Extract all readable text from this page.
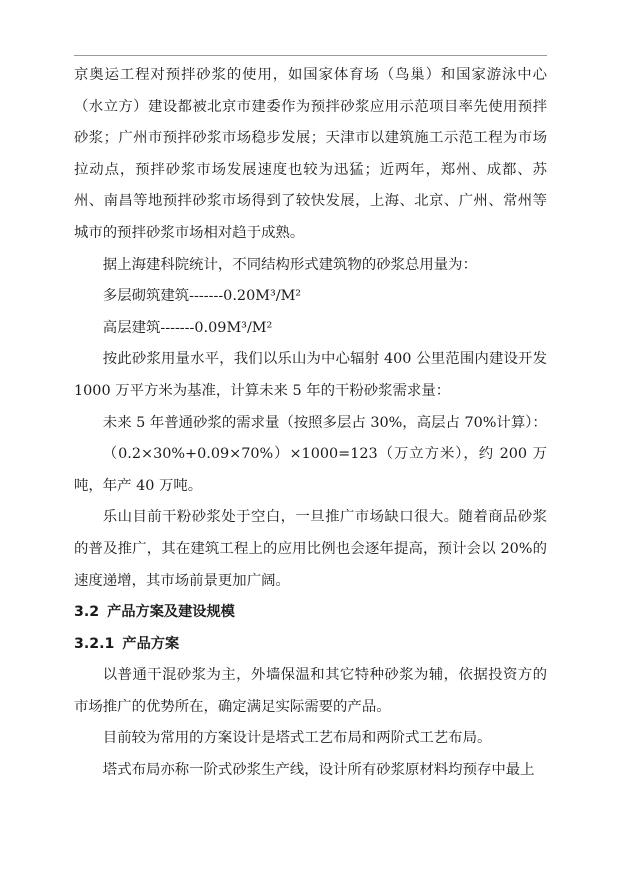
京奥运工程对预拌砂浆的使用，如国家体育场（鸟巢）和国家游泳中心（水立方）建设都被北京市建委作为预拌砂浆应用示范项目率先使用预拌砂浆；广州市预拌砂浆市场稳步发展；天津市以建筑施工示范工程为市场拉动点，预拌砂浆市场发展速度也较为迅猛；近两年，郑州、成都、苏州、南昌等地预拌砂浆市场得到了较快发展，上海、北京、广州、常州等城市的预拌砂浆市场相对趋于成熟。

据上海建科院统计，不同结构形式建筑物的砂浆总用量为：

多层砌筑建筑-------0.20M³/M²

高层建筑-------0.09M³/M²

按此砂浆用量水平，我们以乐山为中心辐射 400 公里范围内建设开发 1000 万平方米为基准，计算未来 5 年的干粉砂浆需求量：

未来 5 年普通砂浆的需求量（按照多层占 30%，高层占 70%计算）：

（0.2×30%+0.09×70%）×1000=123（万立方米），约 200 万吨，年产 40 万吨。

乐山目前干粉砂浆处于空白，一旦推广市场缺口很大。随着商品砂浆的普及推广，其在建筑工程上的应用比例也会逐年提高，预计会以 20%的速度递增，其市场前景更加广阔。

3.2 产品方案及建设规模

3.2.1 产品方案

以普通干混砂浆为主，外墙保温和其它特种砂浆为辅，依据投资方的市场推广的优势所在，确定满足实际需要的产品。

目前较为常用的方案设计是塔式工艺布局和两阶式工艺布局。

塔式布局亦称一阶式砂浆生产线，设计所有砂浆原材料均预存中最上
